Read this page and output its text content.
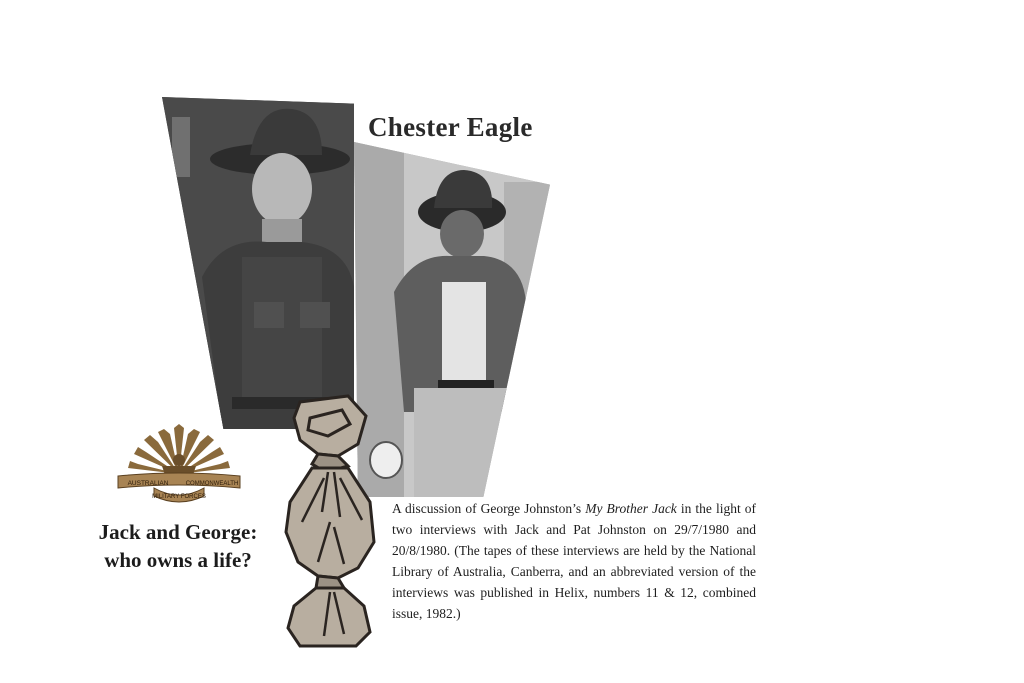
Chester Eagle
AUSTRALIAN	COMMONWEALTH
MILITARY FORCES
Jack and George:
who owns a life?

A discussion of George Johnston’s My Brother Jack in the light of two interviews with Jack and Pat Johnston on 29/7/1980 and 20/8/1980. (The tapes of these interviews are held by the National Library of Australia, Canberra, and an abbreviated version of the interviews was published in Helix, numbers 11 & 12, combined issue, 1982.)
